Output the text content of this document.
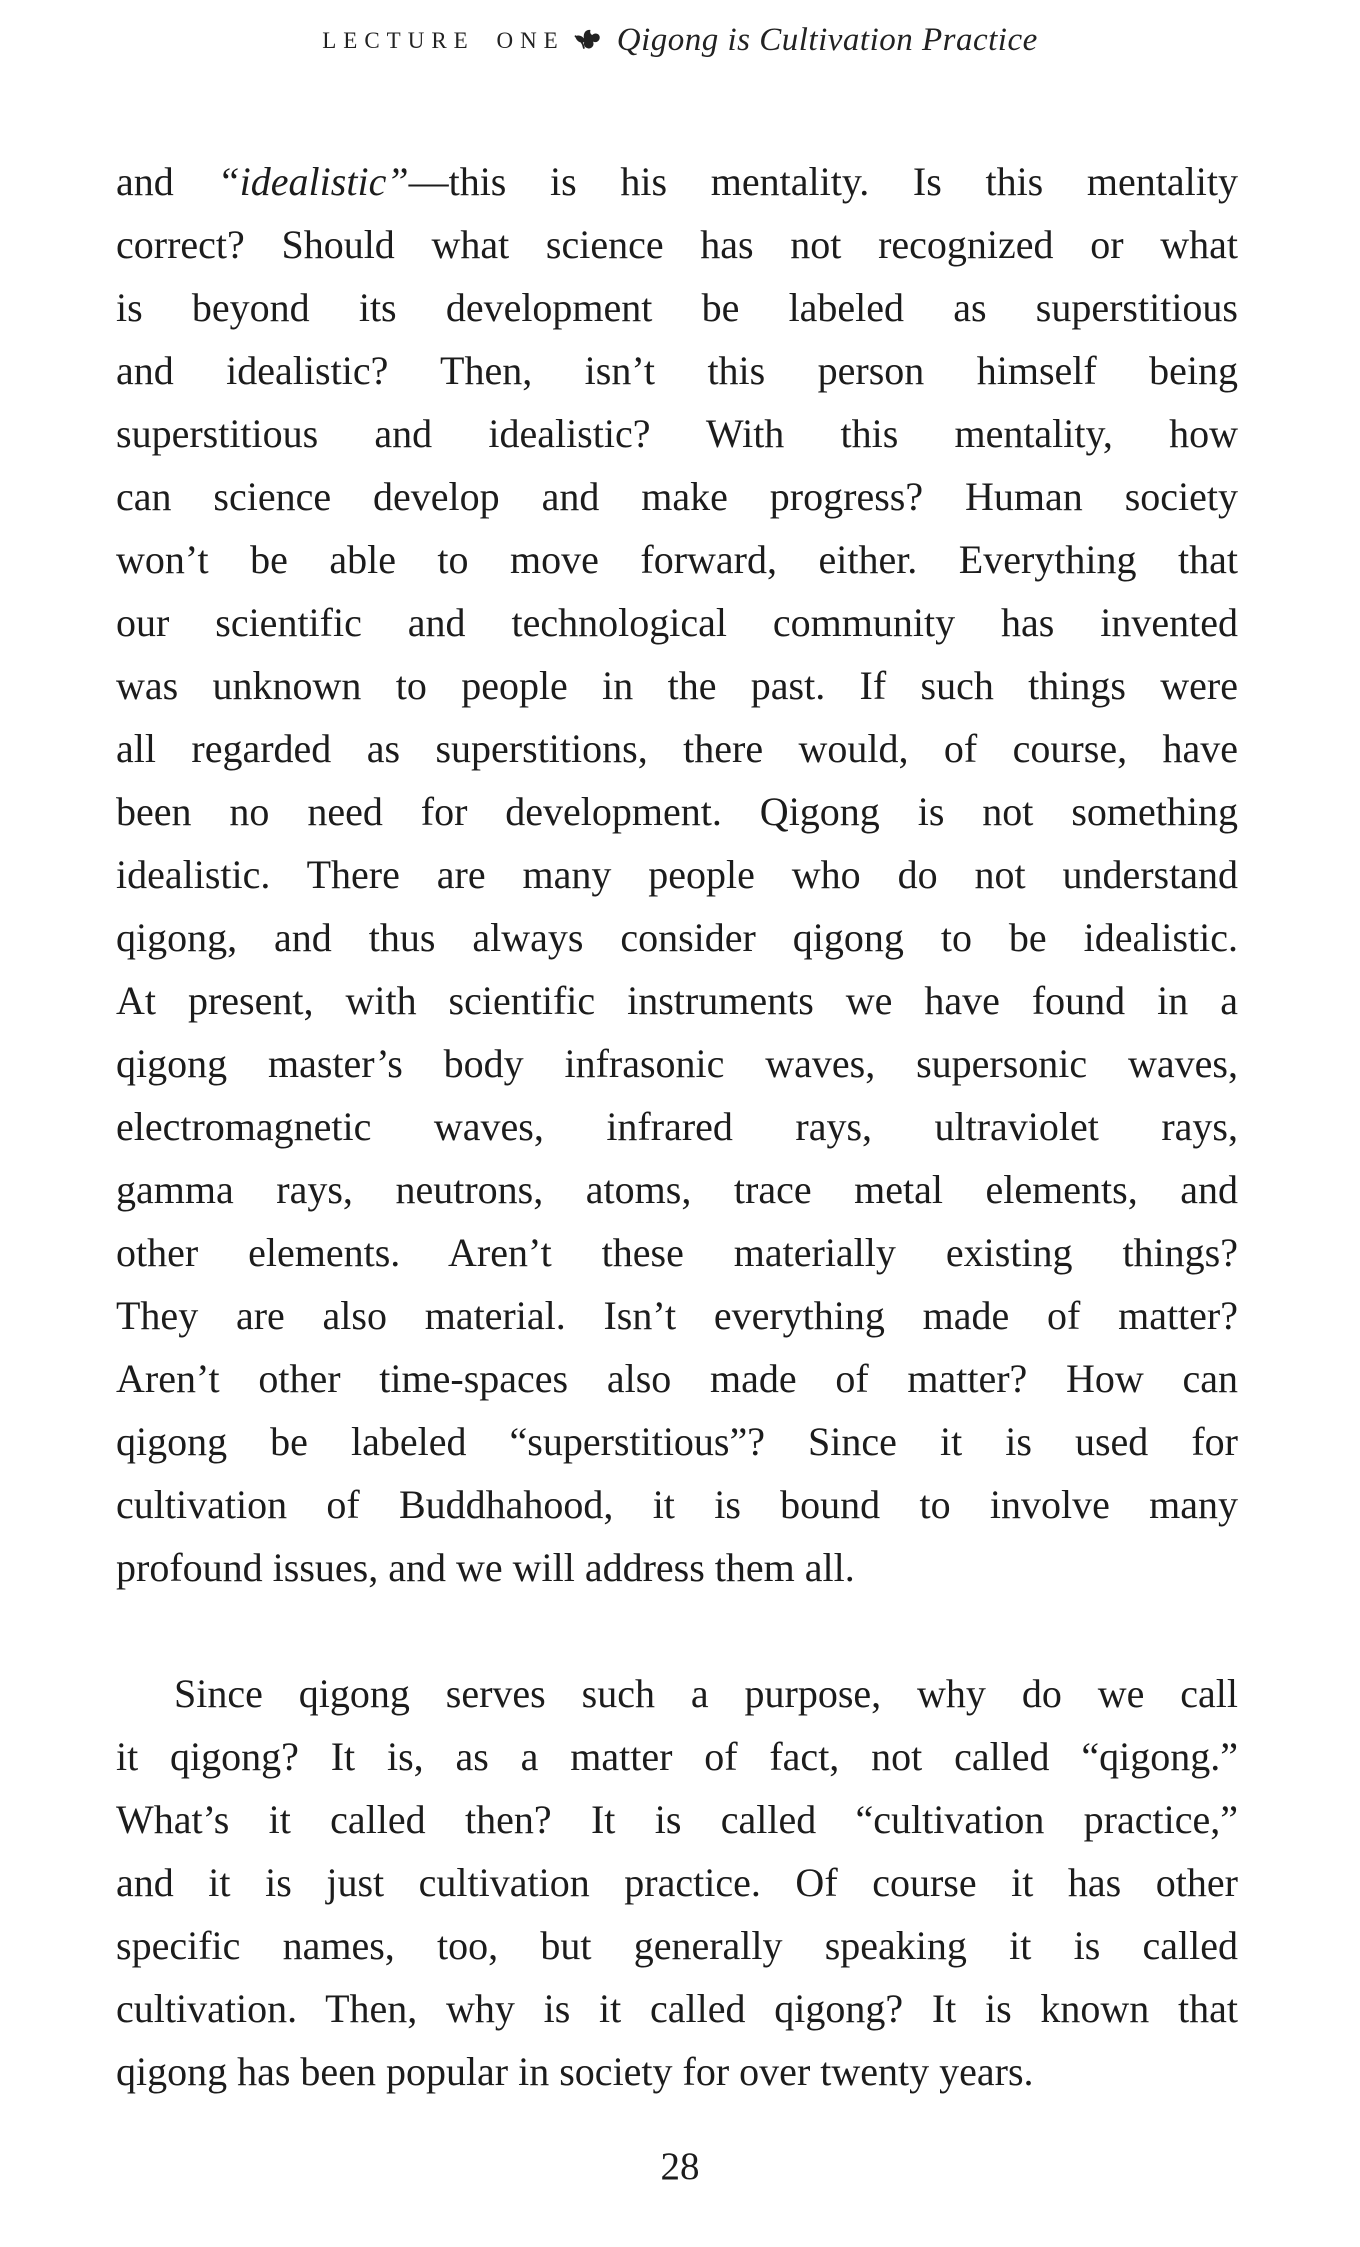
LECTURE ONE Qigong is Cultivation Practice
and “idealistic”—this is his mentality. Is this mentality
correct? Should what science has not recognized or what
is beyond its development be labeled as superstitious
and idealistic? Then, isn’t this person himself being
superstitious and idealistic? With this mentality, how
can science develop and make progress? Human society
won’t be able to move forward, either. Everything that
our scientific and technological community has invented
was unknown to people in the past. If such things were
all regarded as superstitions, there would, of course, have
been no need for development. Qigong is not something
idealistic. There are many people who do not understand
qigong, and thus always consider qigong to be idealistic.
At present, with scientific instruments we have found in a
qigong master’s body infrasonic waves, supersonic waves,
electromagnetic waves, infrared rays, ultraviolet rays,
gamma rays, neutrons, atoms, trace metal elements, and
other elements. Aren’t these materially existing things?
They are also material. Isn’t everything made of matter?
Aren’t other time-spaces also made of matter? How can
qigong be labeled “superstitious”? Since it is used for
cultivation of Buddhahood, it is bound to involve many
profound issues, and we will address them all.
Since qigong serves such a purpose, why do we call
it qigong? It is, as a matter of fact, not called “qigong.”
What’s it called then? It is called “cultivation practice,”
and it is just cultivation practice. Of course it has other
specific names, too, but generally speaking it is called
cultivation. Then, why is it called qigong? It is known that
qigong has been popular in society for over twenty years.
28
